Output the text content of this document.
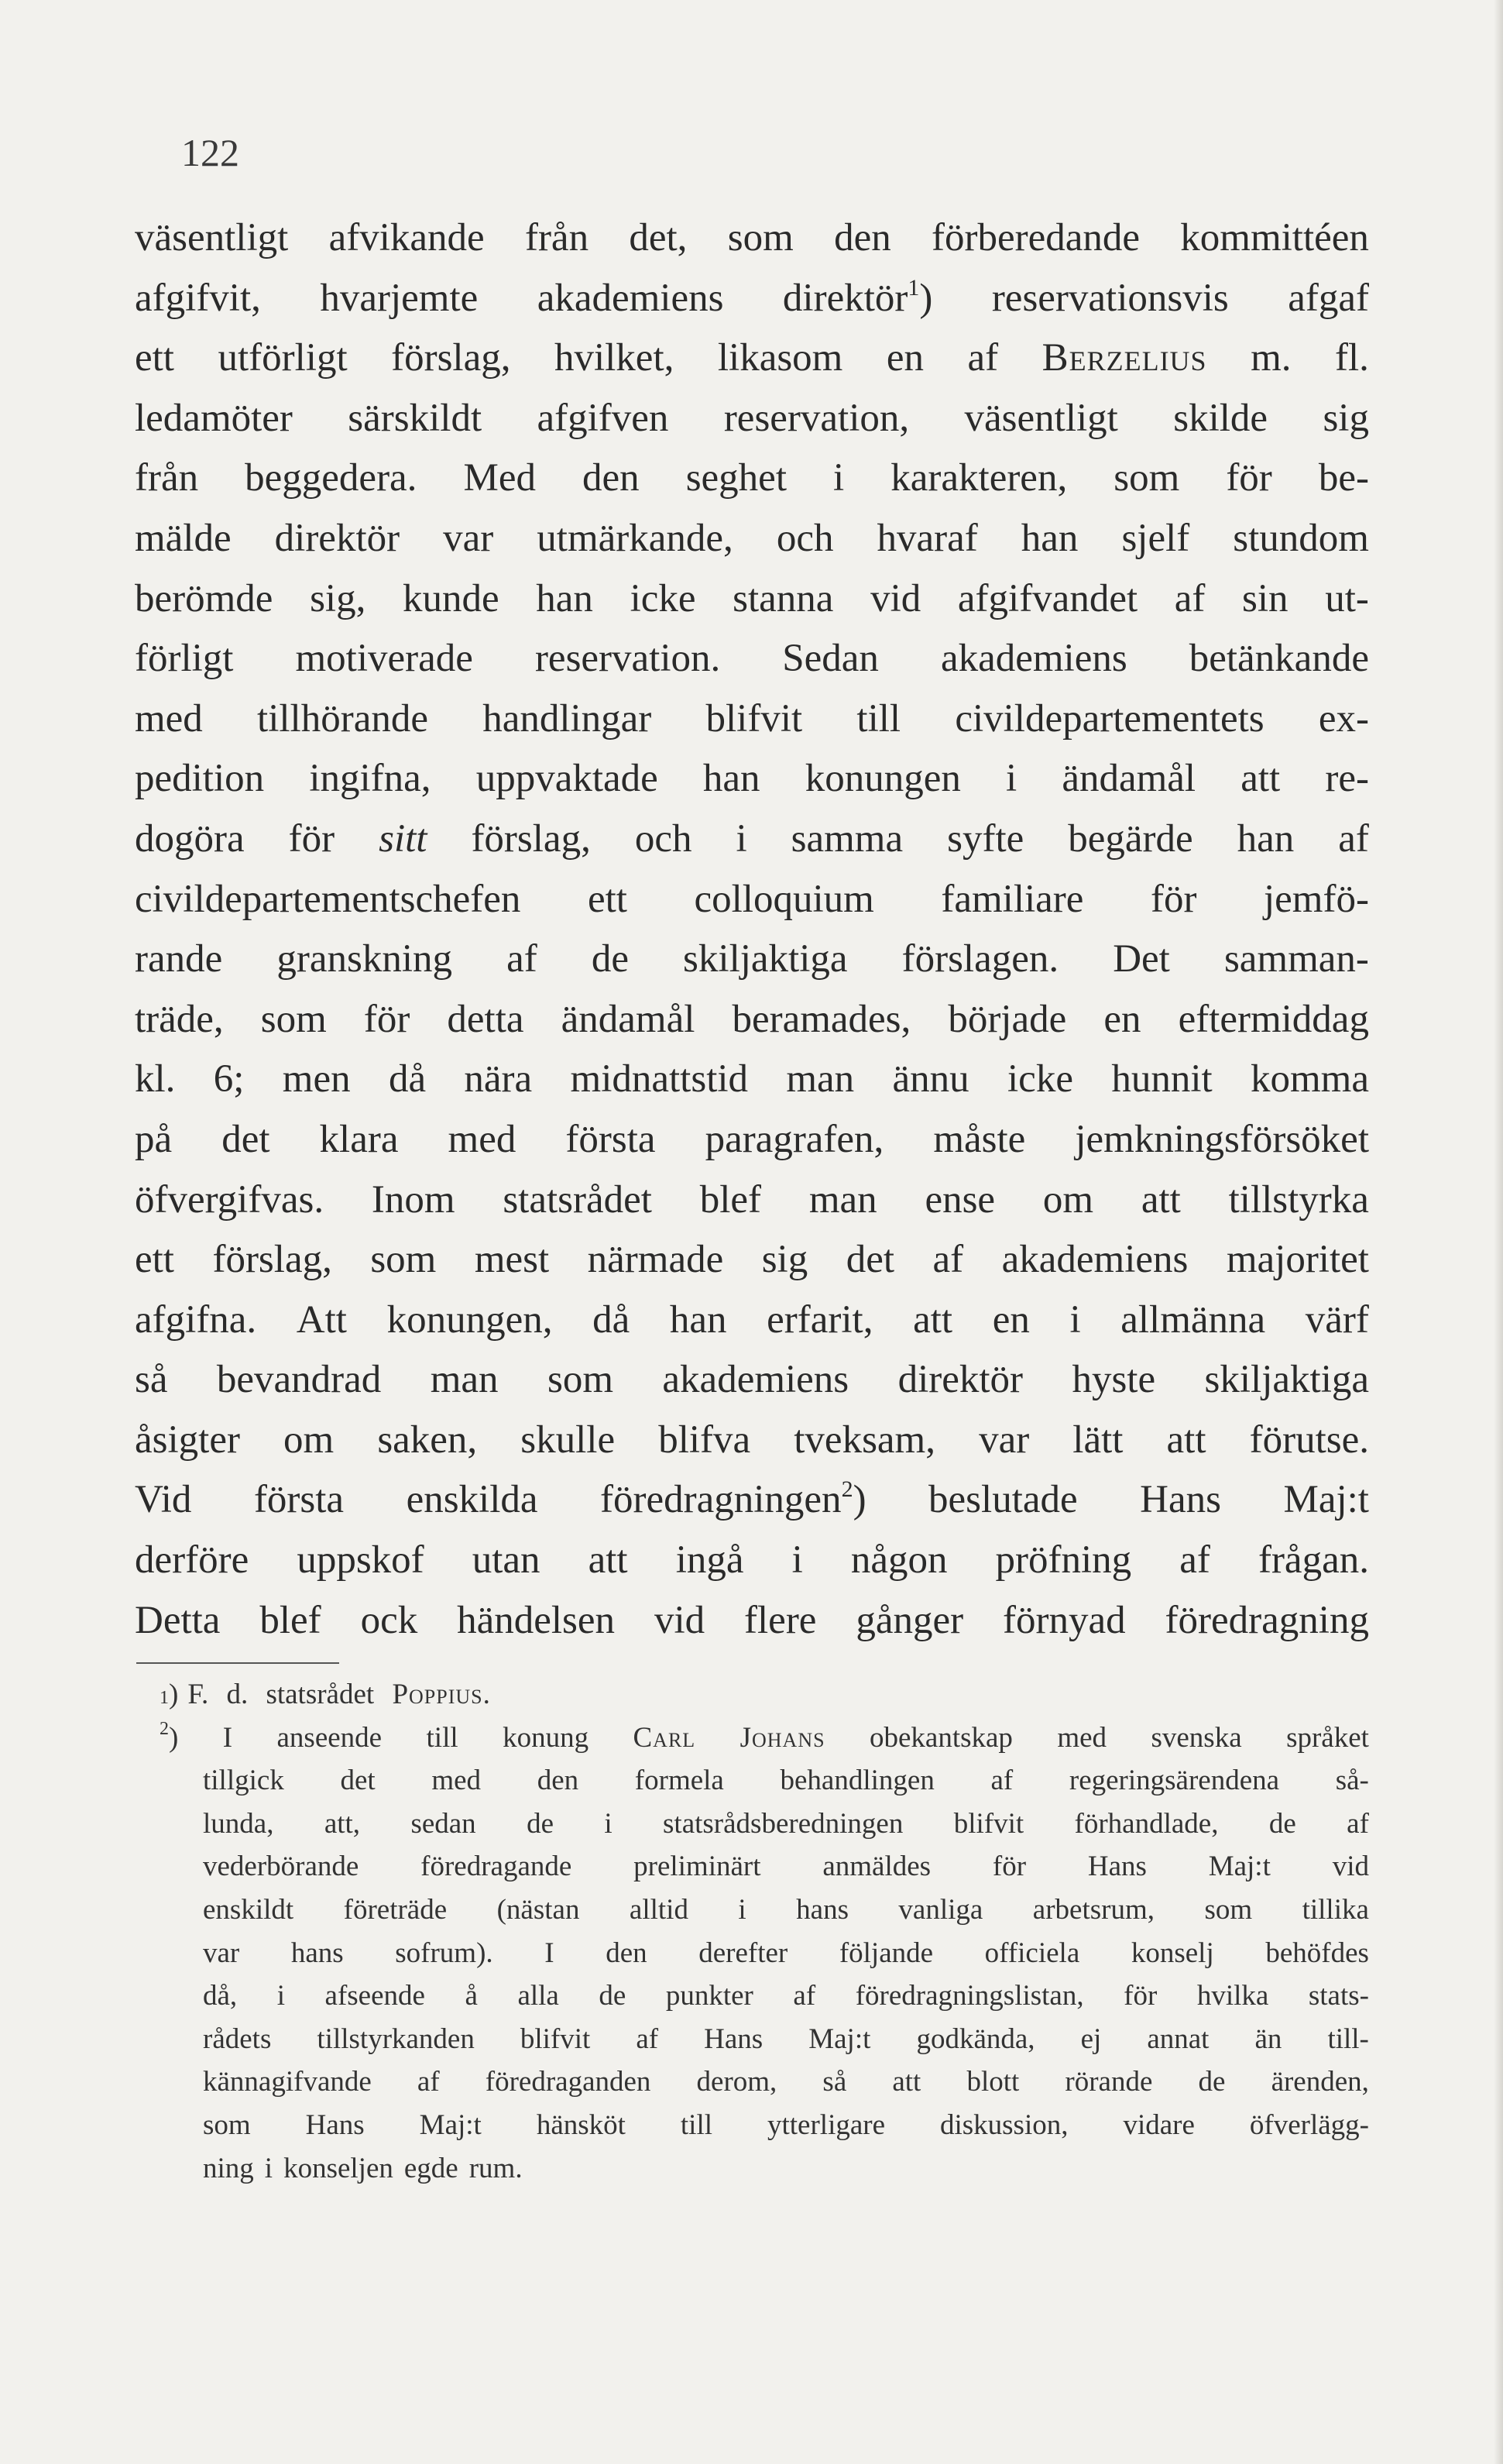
122
väsentligt afvikande från det, som den förberedande kommittéen
afgifvit, hvarjemte akademiens direktör$^1$) reservationsvis afgaf
ett utförligt förslag, hvilket, likasom en af Berzelius m. fl.
ledamöter särskildt afgifven reservation, väsentligt skilde sig
från beggedera. Med den seghet i karakteren, som för be-
mälde direktör var utmärkande, och hvaraf han sjelf stundom
berömde sig, kunde han icke stanna vid afgifvandet af sin ut-
förligt motiverade reservation. Sedan akademiens betänkande
med tillhörande handlingar blifvit till civildepartementets ex-
pedition ingifna, uppvaktade han konungen i ändamål att re-
dogöra för sitt förslag, och i samma syfte begärde han af
civildepartementschefen ett colloquium familiare för jemfö-
rande granskning af de skiljaktiga förslagen. Det samman-
träde, som för detta ändamål beramades, började en eftermiddag
kl. 6; men då nära midnattstid man ännu icke hunnit komma
på det klara med första paragrafen, måste jemkningsförsöket
öfvergifvas. Inom statsrådet blef man ense om att tillstyrka
ett förslag, som mest närmade sig det af akademiens majoritet
afgifna. Att konungen, då han erfarit, att en i allmänna värf
så bevandrad man som akademiens direktör hyste skiljaktiga
åsigter om saken, skulle blifva tveksam, var lätt att förutse.
Vid första enskilda föredragningen$^2$) beslutade Hans Maj:t
derföre uppskof utan att ingå i någon pröfning af frågan.
Detta blef ock händelsen vid flere gånger förnyad föredragning
1 ) F. d. statsrådet Poppius.
$^2$) I anseende till konung Carl Johans obekantskap med svenska språket
tillgick det med den formela behandlingen af regeringsärendena så-
lunda, att, sedan de i statsrådsberedningen blifvit förhandlade, de af
vederbörande föredragande preliminärt anmäldes för Hans Maj:t vid
enskildt företräde (nästan alltid i hans vanliga arbetsrum, som tillika
var hans sofrum). I den derefter följande officiela konselj behöfdes
då, i afseende å alla de punkter af föredragningslistan, för hvilka stats-
rådets tillstyrkanden blifvit af Hans Maj:t godkända, ej annat än till-
kännagifvande af föredraganden derom, så att blott rörande de ärenden,
som Hans Maj:t hänsköt till ytterligare diskussion, vidare öfverlägg-
ning i konseljen egde rum.
